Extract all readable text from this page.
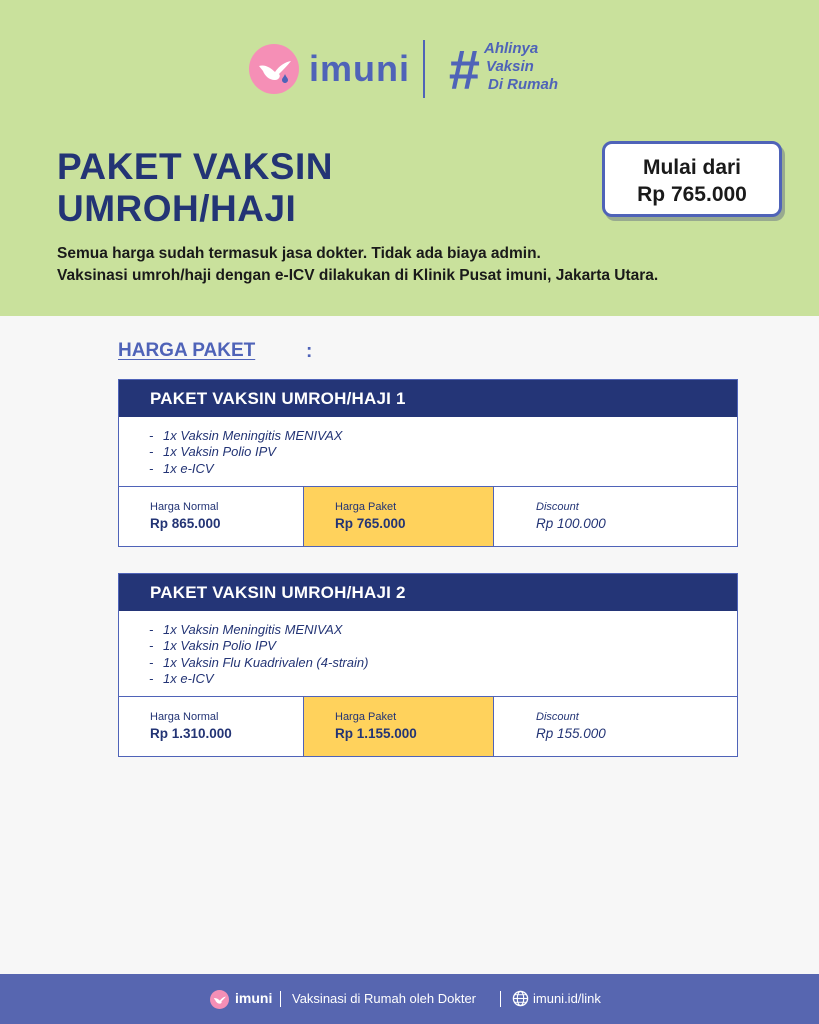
imuni # Ahlinya
Vaksin
Di Rumah
PAKET VAKSIN
UMROH/HAJI
Mulai dari
Rp 765.000
Semua harga sudah termasuk jasa dokter. Tidak ada biaya admin.
Vaksinasi umroh/haji dengan e-ICV dilakukan di Klinik Pusat imuni, Jakarta Utara.
HARGA PAKET	:
PAKET VAKSIN UMROH/HAJI 1
- 1x Vaksin Meningitis MENIVAX
- 1x Vaksin Polio IPV
- 1x e-ICV
Harga Normal
Rp 865.000
Harga Paket
Rp 765.000
Discount
Rp 100.000
PAKET VAKSIN UMROH/HAJI 2
- 1x Vaksin Meningitis MENIVAX
- 1x Vaksin Polio IPV
- 1x Vaksin Flu Kuadrivalen (4-strain)
- 1x e-ICV
Harga Normal
Rp 1.310.000
Harga Paket
Rp 1.155.000
Discount
Rp 155.000
imuni Vaksinasi di Rumah oleh Dokter	imuni.id/link
